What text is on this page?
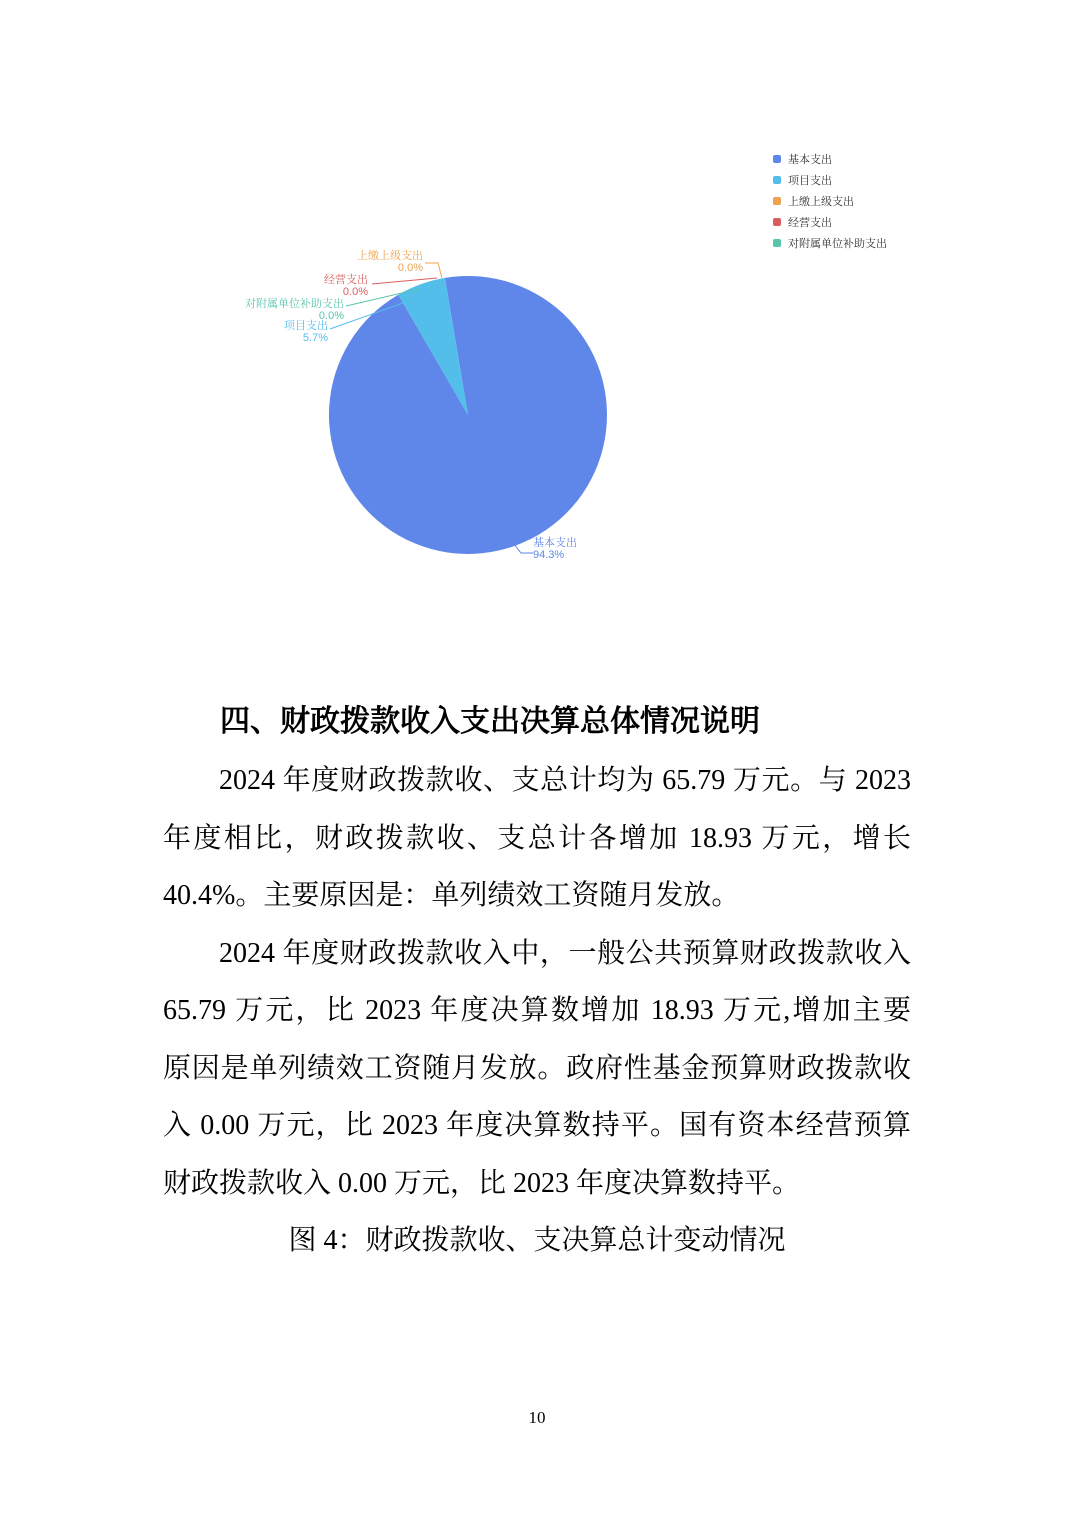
基本支出
项目支出
上缴上级支出
经营支出
对附属单位补助支出
上缴上级支出
0.0%
经营支出
0.0%
对附属单位补助支出
0.0%
项目支出
5.7%
基本支出
94.3%
四、财政拨款收入支出决算总体情况说明
2024 年度财政拨款收、支总计均为 65.79 万元。与 2023
年度相比，财政拨款收、支总计各增加 18.93 万元，增长
40.4%。主要原因是：单列绩效工资随月发放。
2024 年度财政拨款收入中，一般公共预算财政拨款收入
65.79 万元，比 2023 年度决算数增加 18.93 万元,增加主要
原因是单列绩效工资随月发放。政府性基金预算财政拨款收
入 0.00 万元，比 2023 年度决算数持平。国有资本经营预算
财政拨款收入 0.00 万元，比 2023 年度决算数持平。
图 4：财政拨款收、支决算总计变动情况
10
